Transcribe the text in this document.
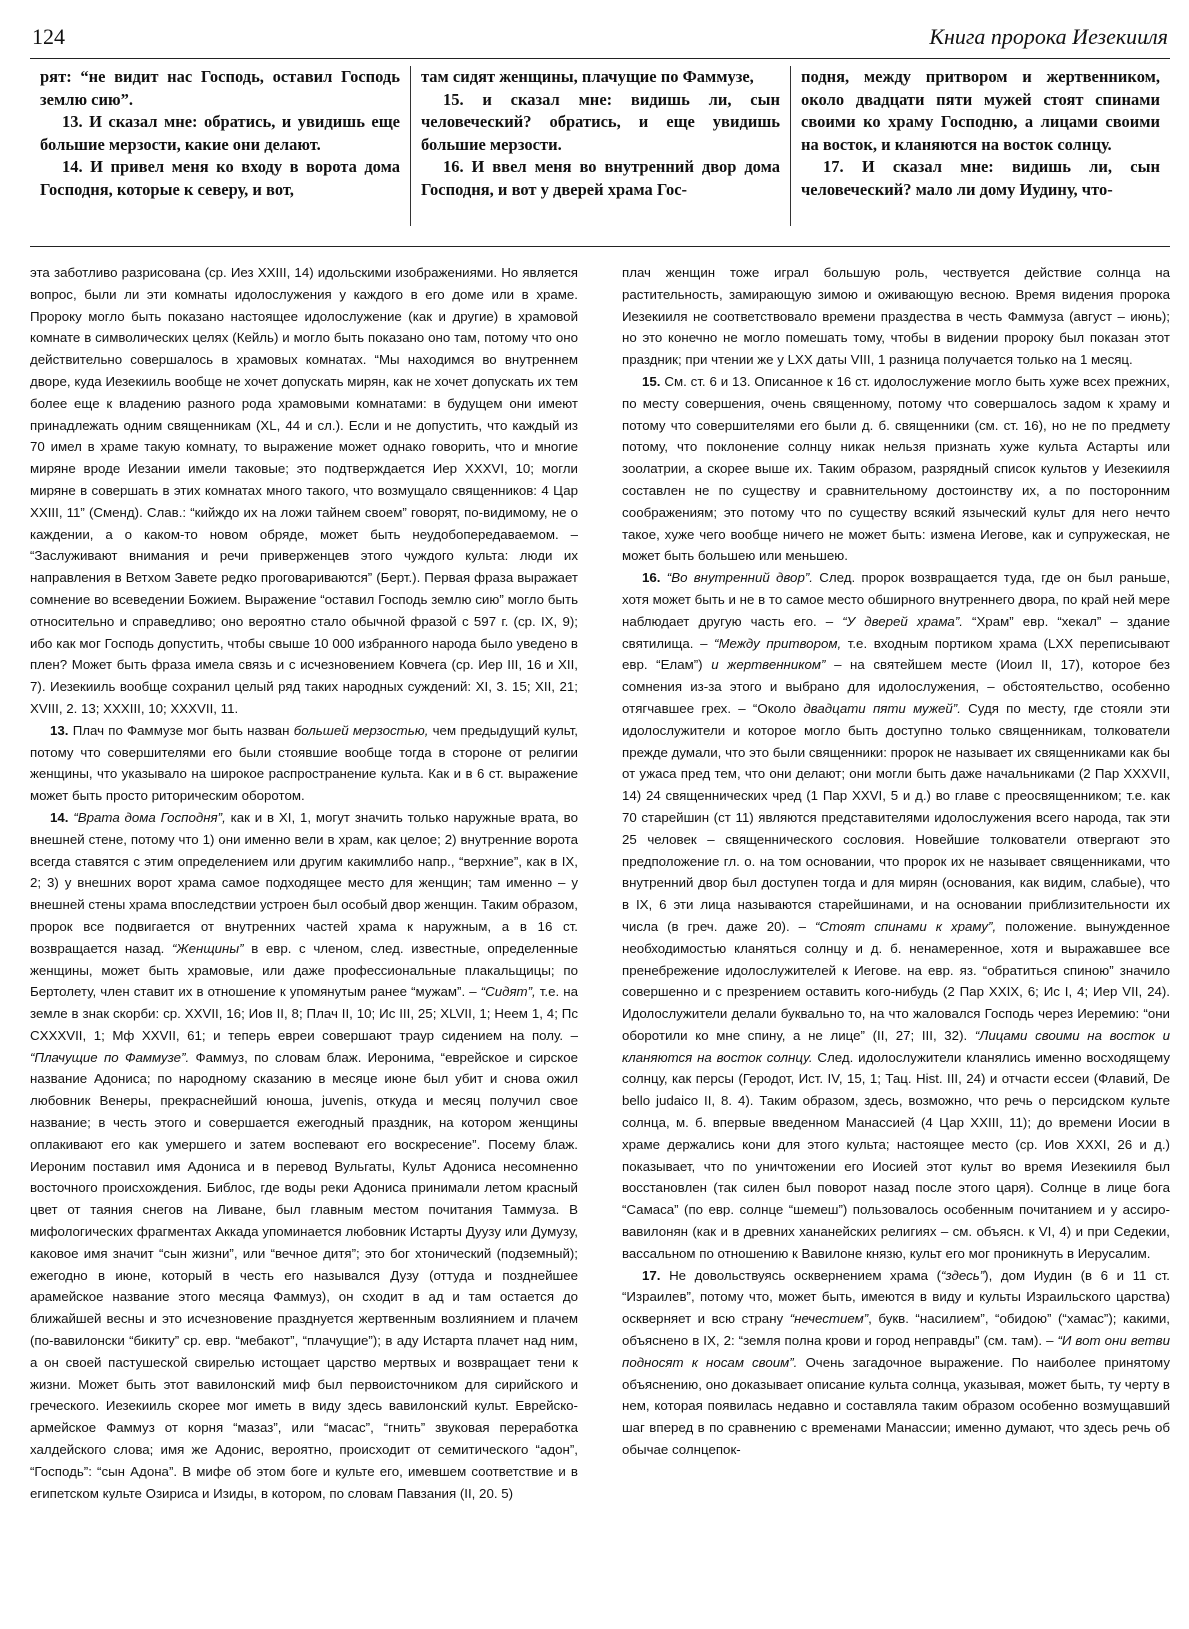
124	Книга пророка Иезекииля

рят: “не видит нас Господь, оставил Господь землю сию”.

13. И сказал мне: обратись, и увидишь еще большие мерзости, какие они делают.

14. И привел меня ко входу в ворота дома Господня, которые к северу, и вот,

там сидят женщины, плачущие по Фаммузе,

15. и сказал мне: видишь ли, сын человеческий? обратись, и еще увидишь большие мерзости.

16. И ввел меня во внутренний двор дома Господня, и вот у дверей храма Гос-

подня, между притвором и жертвенником, около двадцати пяти мужей стоят спинами своими ко храму Господню, а лицами своими на восток, и кланяются на восток солнцу.

17. И сказал мне: видишь ли, сын человеческий? мало ли дому Иудину, что-

эта заботливо разрисована (ср. Иез XXIII, 14) идольскими изображениями. Но является вопрос, были ли эти комнаты идолослужения у каждого в его доме или в храме. Пророку могло быть показано настоящее идолослужение (как и другие) в храмовой комнате в символических целях (Кейль) и могло быть показано оно там, потому что оно действительно совершалось в храмовых комнатах. “Мы находимся во внутреннем дворе, куда Иезекииль вообще не хочет допускать мирян, как не хочет допускать их тем более еще к владению разного рода храмовыми комнатами: в будущем они имеют принадлежать одним священникам (XL, 44 и сл.). Если и не допустить, что каждый из 70 имел в храме такую комнату, то выражение может однако говорить, что и многие миряне вроде Иезании имели таковые; это подтверждается Иер XXXVI, 10; могли миряне в совершать в этих комнатах много такого, что возмущало священников: 4 Цар XXIII, 11” (Сменд). Слав.: “кийждо их на ложи тайнем своем” говорят, по-видимому, не о каждении, а о каком-то новом обряде, может быть неудобопередаваемом. – “Заслуживают внимания и речи приверженцев этого чуждого культа: люди их направления в Ветхом Завете редко проговариваются” (Берт.). Первая фраза выражает сомнение во всеведении Божием. Выражение “оставил Господь землю сию” могло быть относительно и справедливо; оно вероятно стало обычной фразой с 597 г. (ср. IX, 9); ибо как мог Господь допустить, чтобы свыше 10 000 избранного народа было уведено в плен? Может быть фраза имела связь и с исчезновением Ковчега (ср. Иер III, 16 и XII, 7). Иезекииль вообще сохранил целый ряд таких народных суждений: XI, 3. 15; XII, 21; XVIII, 2. 13; XXXIII, 10; XXXVII, 11.

13. Плач по Фаммузе мог быть назван большей мерзостью, чем предыдущий культ, потому что совершителями его были стоявшие вообще тогда в стороне от религии женщины, что указывало на широкое распространение культа. Как и в 6 ст. выражение может быть просто риторическим оборотом.

14. “Врата дома Господня”, как и в XI, 1, могут значить только наружные врата, во внешней стене, потому что 1) они именно вели в храм, как целое; 2) внутренние ворота всегда ставятся с этим определением или другим какимлибо напр., “верхние”, как в IX, 2; 3) у внешних ворот храма самое подходящее место для женщин; там именно – у внешней стены храма впоследствии устроен был особый двор женщин. Таким образом, пророк все подвигается от внутренних частей храма к наружным, а в 16 ст. возвращается назад. “Женщины” в евр. с членом, след. известные, определенные женщины, может быть храмовые, или даже профессиональные плакальщицы; по Бертолету, член ставит их в отношение к упомянутым ранее “мужам”. – “Сидят”, т.е. на земле в знак скорби: ср. XXVII, 16; Иов II, 8; Плач II, 10; Ис III, 25; XLVII, 1; Неем 1, 4; Пс CXXXVII, 1; Мф XXVII, 61; и теперь евреи совершают траур сидением на полу. – “Плачущие по Фаммузе”. Фаммуз, по словам блаж. Иеронима, “еврейское и сирское название Адониса; по народному сказанию в месяце июне был убит и снова ожил любовник Венеры, прекраснейший юноша, juvenis, откуда и месяц получил свое название; в честь этого и совершается ежегодный праздник, на котором женщины оплакивают его как умершего и затем воспевают его воскресение”. Посему блаж. Иероним поставил имя Адониса и в перевод Вульгаты, Культ Адониса несомненно восточного происхождения. Библос, где воды реки Адониса принимали летом красный цвет от таяния снегов на Ливане, был главным местом почитания Таммуза. В мифологических фрагментах Аккада упоминается любовник Истарты Дуузу или Думузу, каковое имя значит “сын жизни”, или “вечное дитя”; это бог хтонический (подземный); ежегодно в июне, который в честь его назывался Дузу (оттуда и позднейшее арамейское название этого месяца Фаммуз), он сходит в ад и там остается до ближайшей весны и это исчезновение празднуется жертвенным возлиянием и плачем (по-вавилонски “бикиту” ср. евр. “мебакот”, “плачущие”); в аду Истарта плачет над ним, а он своей пастушеской свирелью истощает царство мертвых и возвращает тени к жизни. Может быть этот вавилонский миф был первоисточником для сирийского и греческого. Иезекииль скорее мог иметь в виду здесь вавилонский культ. Еврейско-армейское Фаммуз от корня “мазаз”, или “масас”, “гнить” звуковая переработка халдейского слова; имя же Адонис, вероятно, происходит от семитического “адон”, “Господь”: “сын Адона”. В мифе об этом боге и культе его, имевшем соответствие и в египетском культе Озириса и Изиды, в котором, по словам Павзания (II, 20. 5)

плач женщин тоже играл большую роль, чествуется действие солнца на растительность, замирающую зимою и оживающую весною. Время видения пророка Иезекииля не соответствовало времени праздества в честь Фаммуза (август – июнь); но это конечно не могло помешать тому, чтобы в видении пророку был показан этот праздник; при чтении же у LXX даты VIII, 1 разница получается только на 1 месяц.

15. См. ст. 6 и 13. Описанное к 16 ст. идолослужение могло быть хуже всех прежних, по месту совершения, очень священному, потому что совершалось задом к храму и потому что совершителями его были д. б. священники (см. ст. 16), но не по предмету потому, что поклонение солнцу никак нельзя признать хуже культа Астарты или зоолатрии, а скорее выше их. Таким образом, разрядный список культов у Иезекииля составлен не по существу и сравнительному достоинству их, а по посторонним соображениям; это потому что по существу всякий языческий культ для него нечто такое, хуже чего вообще ничего не может быть: измена Иегове, как и супружеская, не может быть большею или меньшею.

16. “Во внутренний двор”. След. пророк возвращается туда, где он был раньше, хотя может быть и не в то самое место обширного внутреннего двора, по край ней мере наблюдает другую часть его. – “У дверей храма”. “Храм” евр. “хекал” – здание святилища. – “Между притвором, т.е. входным портиком храма (LXX переписывают евр. “Елам”) и жертвенником” – на святейшем месте (Иоил II, 17), которое без сомнения из-за этого и выбрано для идолослужения, – обстоятельство, особенно отягчавшее грех. – “Около двадцати пяти мужей”. Судя по месту, где стояли эти идолослужители и которое могло быть доступно только священникам, толкователи прежде думали, что это были священники: пророк не называет их священниками как бы от ужаса пред тем, что они делают; они могли быть даже начальниками (2 Пар XXXVII, 14) 24 священнических чред (1 Пар XXVI, 5 и д.) во главе с преосвященником; т.е. как 70 старейшин (ст 11) являются представителями идолослужения всего народа, так эти 25 человек – священнического сословия. Новейшие толкователи отвергают это предположение гл. о. на том основании, что пророк их не называет священниками, что внутренний двор был доступен тогда и для мирян (основания, как видим, слабые), что в IX, 6 эти лица называются старейшинами, и на основании приблизительности их числа (в греч. даже 20). – “Стоят спинами к храму”, положение. вынужденное необходимостью кланяться солнцу и д. б. ненамеренное, хотя и выражавшее все пренебрежение идолослужителей к Иегове. на евр. яз. “обратиться спиною” значило совершенно и с презрением оставить кого-нибудь (2 Пар XXIX, 6; Ис I, 4; Иер VII, 24). Идолослужители делали буквально то, на что жаловался Господь через Иеремию: “они оборотили ко мне спину, а не лице” (II, 27; III, 32). “Лицами своими на восток и кланяются на восток солнцу. След. идолослужители кланялись именно восходящему солнцу, как персы (Геродот, Ист. IV, 15, 1; Тац. Hist. III, 24) и отчасти ессеи (Флавий, De bello judaico II, 8. 4). Таким образом, здесь, возможно, что речь о персидском культе солнца, м. б. впервые введенном Манассией (4 Цар XXIII, 11); до времени Иосии в храме держались кони для этого культа; настоящее место (ср. Иов XXXI, 26 и д.) показывает, что по уничтожении его Иосией этот культ во время Иезекииля был восстановлен (так силен был поворот назад после этого царя). Солнце в лице бога “Самаса” (по евр. солнце “шемеш”) пользовалось особенным почитанием и у ассиро-вавилонян (как и в древних хананейских религиях – см. объясн. к VI, 4) и при Седекии, вассальном по отношению к Вавилоне князю, культ его мог проникнуть в Иерусалим.

17. Не довольствуясь осквернением храма (“здесь”), дом Иудин (в 6 и 11 ст. “Израилев”, потому что, может быть, имеются в виду и культы Израильского царства) оскверняет и всю страну “нечестием”, букв. “насилием”, “обидою” (“хамас”); какими, объяснено в IX, 2: “земля полна крови и город неправды” (см. там). – “И вот они ветви подносят к носам своим”. Очень загадочное выражение. По наиболее принятому объяснению, оно доказывает описание культа солнца, указывая, может быть, ту черту в нем, которая появилась недавно и составляла таким образом особенно возмущавший шаг вперед в по сравнению с временами Манассии; именно думают, что здесь речь об обычае солнцепок-
